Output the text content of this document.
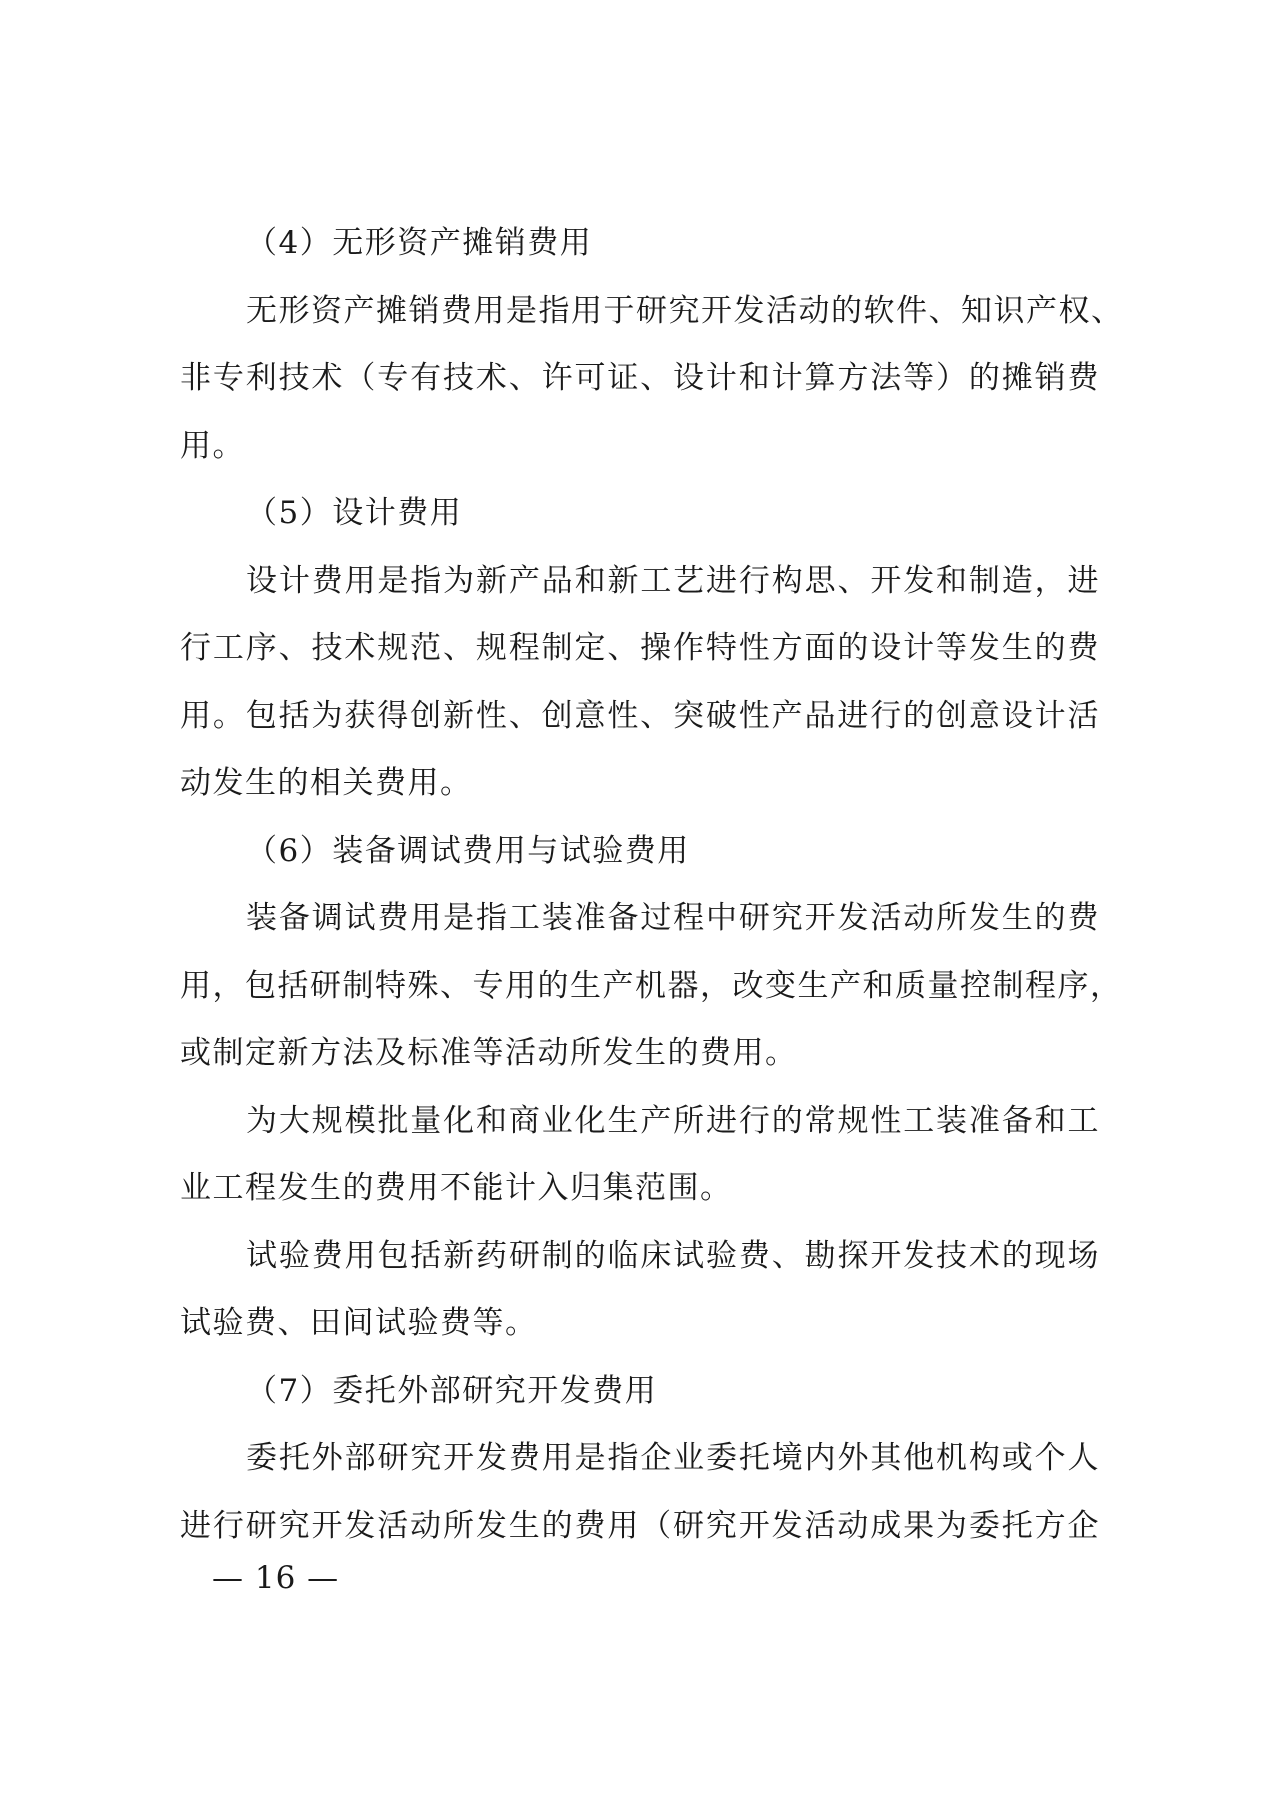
（4）无形资产摊销费用
无形资产摊销费用是指用于研究开发活动的软件、知识产权、
非专利技术（专有技术、许可证、设计和计算方法等）的摊销费
用。
（5）设计费用
设计费用是指为新产品和新工艺进行构思、开发和制造，进
行工序、技术规范、规程制定、操作特性方面的设计等发生的费
用。包括为获得创新性、创意性、突破性产品进行的创意设计活
动发生的相关费用。
（6）装备调试费用与试验费用
装备调试费用是指工装准备过程中研究开发活动所发生的费
用，包括研制特殊、专用的生产机器，改变生产和质量控制程序，
或制定新方法及标准等活动所发生的费用。
为大规模批量化和商业化生产所进行的常规性工装准备和工
业工程发生的费用不能计入归集范围。
试验费用包括新药研制的临床试验费、勘探开发技术的现场
试验费、田间试验费等。
（7）委托外部研究开发费用
委托外部研究开发费用是指企业委托境内外其他机构或个人
进行研究开发活动所发生的费用（研究开发活动成果为委托方企
— 16 —
